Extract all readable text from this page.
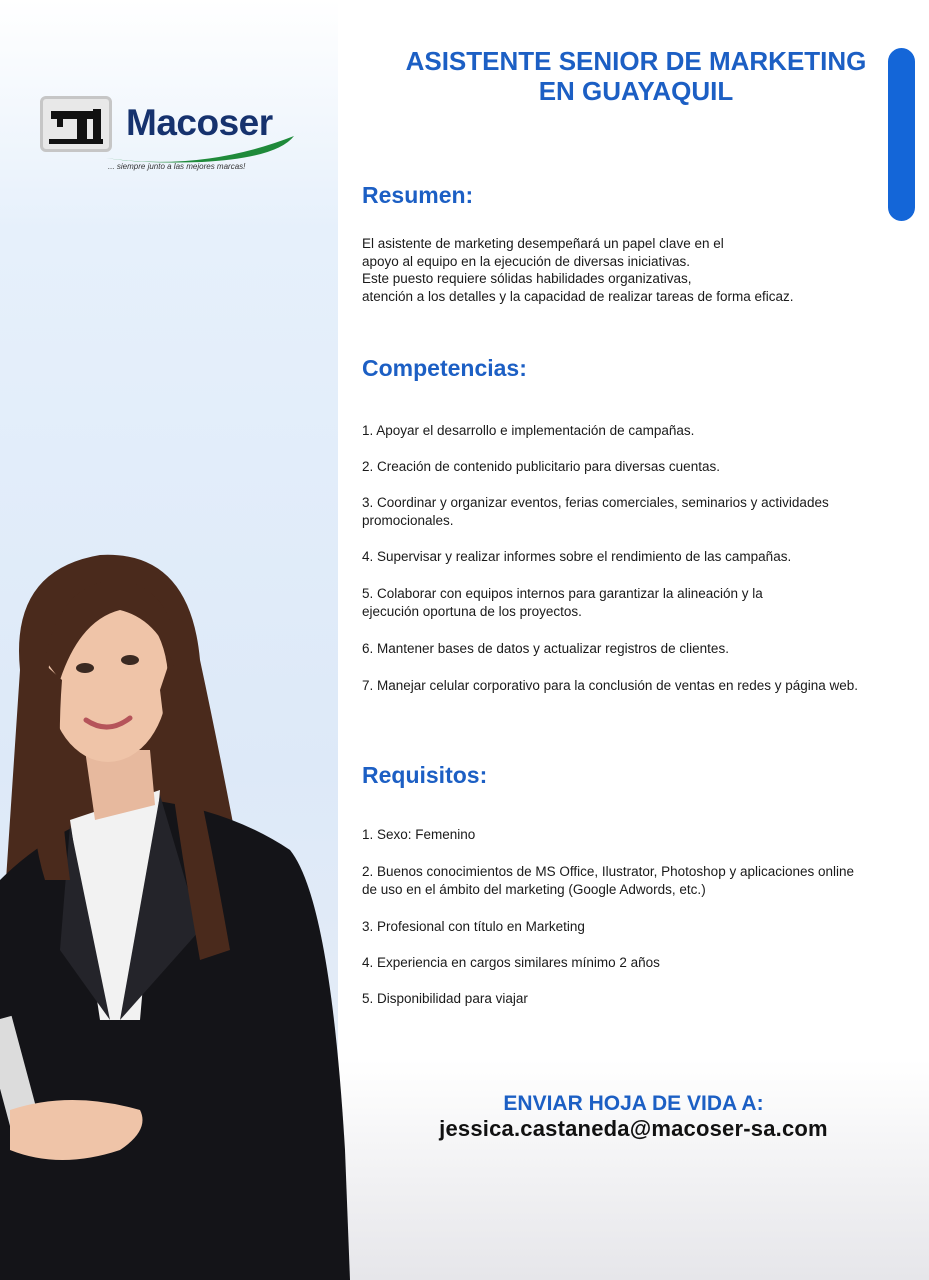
Macoser
... siempre junto a las mejores marcas!
ASISTENTE SENIOR DE MARKETING
EN GUAYAQUIL
Resumen:
El asistente de marketing desempeñará un papel clave en el
apoyo al equipo en la ejecución de diversas iniciativas.
Este puesto requiere sólidas habilidades organizativas,
atención a los detalles y la capacidad de realizar tareas de forma eficaz.
Competencias:
1. Apoyar el desarrollo e implementación de campañas.
2. Creación de contenido publicitario para diversas cuentas.
3. Coordinar y organizar eventos, ferias comerciales, seminarios y actividades promocionales.
4. Supervisar y realizar informes sobre el rendimiento de las campañas.
5. Colaborar con equipos internos para garantizar la alineación y la ejecución oportuna de los proyectos.
6. Mantener bases de datos y actualizar registros de clientes.
7. Manejar celular corporativo para la conclusión de ventas en redes y página web.
Requisitos:
1. Sexo: Femenino
2. Buenos conocimientos de MS Office, Ilustrator, Photoshop y aplicaciones online de uso en el ámbito del marketing (Google Adwords, etc.)
3. Profesional con título en Marketing
4. Experiencia en cargos similares mínimo 2 años
5. Disponibilidad para viajar
ENVIAR HOJA DE VIDA A:
jessica.castaneda@macoser-sa.com
